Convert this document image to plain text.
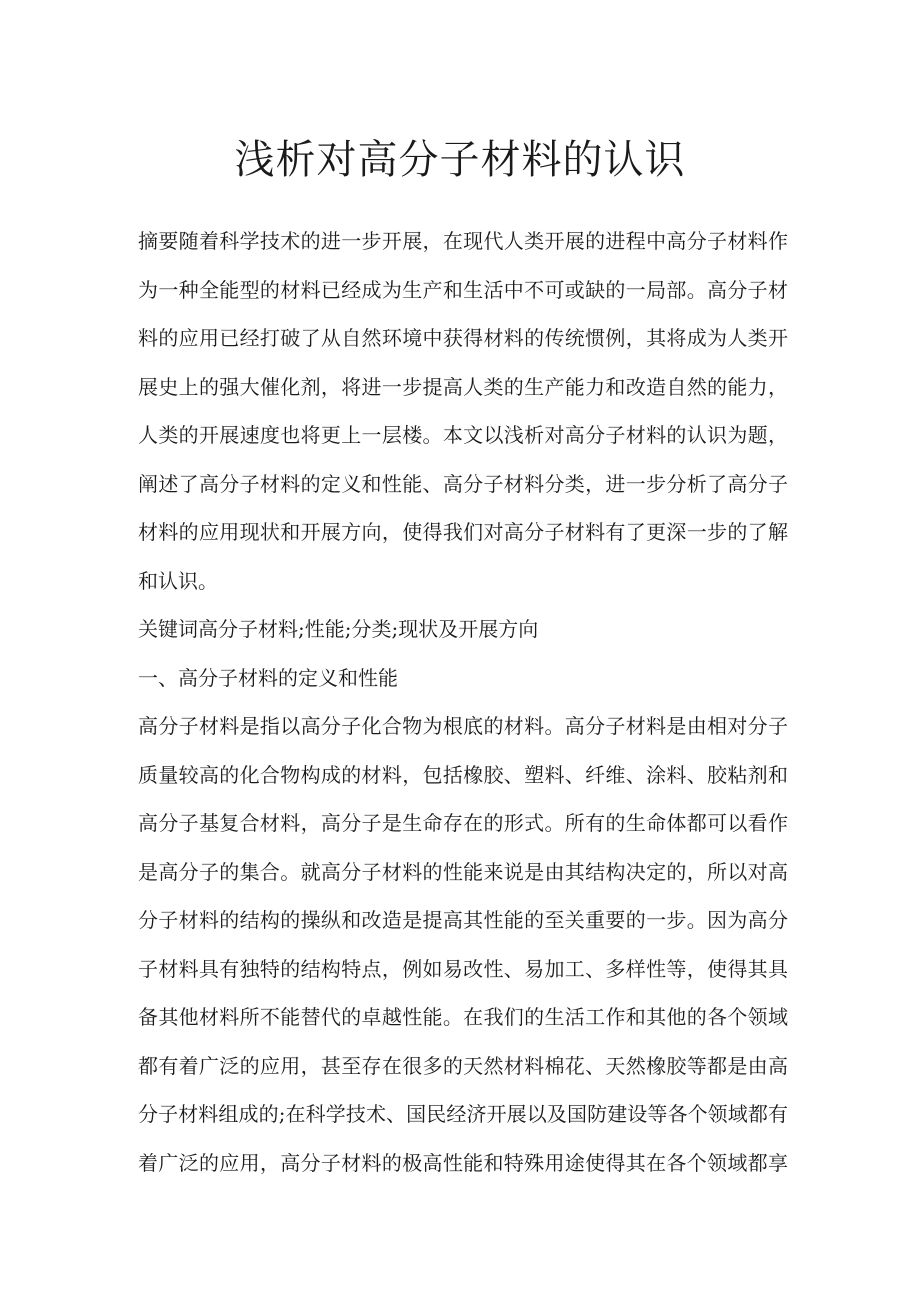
浅析对高分子材料的认识
摘要随着科学技术的进一步开展，在现代人类开展的进程中高分子材料作
为一种全能型的材料已经成为生产和生活中不可或缺的一局部。高分子材
料的应用已经打破了从自然环境中获得材料的传统惯例，其将成为人类开
展史上的强大催化剂，将进一步提高人类的生产能力和改造自然的能力，
人类的开展速度也将更上一层楼。本文以浅析对高分子材料的认识为题，
阐述了高分子材料的定义和性能、高分子材料分类，进一步分析了高分子
材料的应用现状和开展方向，使得我们对高分子材料有了更深一步的了解
和认识。
关键词高分子材料;性能;分类;现状及开展方向
一、高分子材料的定义和性能
高分子材料是指以高分子化合物为根底的材料。高分子材料是由相对分子
质量较高的化合物构成的材料，包括橡胶、塑料、纤维、涂料、胶粘剂和
高分子基复合材料，高分子是生命存在的形式。所有的生命体都可以看作
是高分子的集合。就高分子材料的性能来说是由其结构决定的，所以对高
分子材料的结构的操纵和改造是提高其性能的至关重要的一步。因为高分
子材料具有独特的结构特点，例如易改性、易加工、多样性等，使得其具
备其他材料所不能替代的卓越性能。在我们的生活工作和其他的各个领域
都有着广泛的应用，甚至存在很多的天然材料棉花、天然橡胶等都是由高
分子材料组成的;在科学技术、国民经济开展以及国防建设等各个领域都有
着广泛的应用，高分子材料的极高性能和特殊用途使得其在各个领域都享
